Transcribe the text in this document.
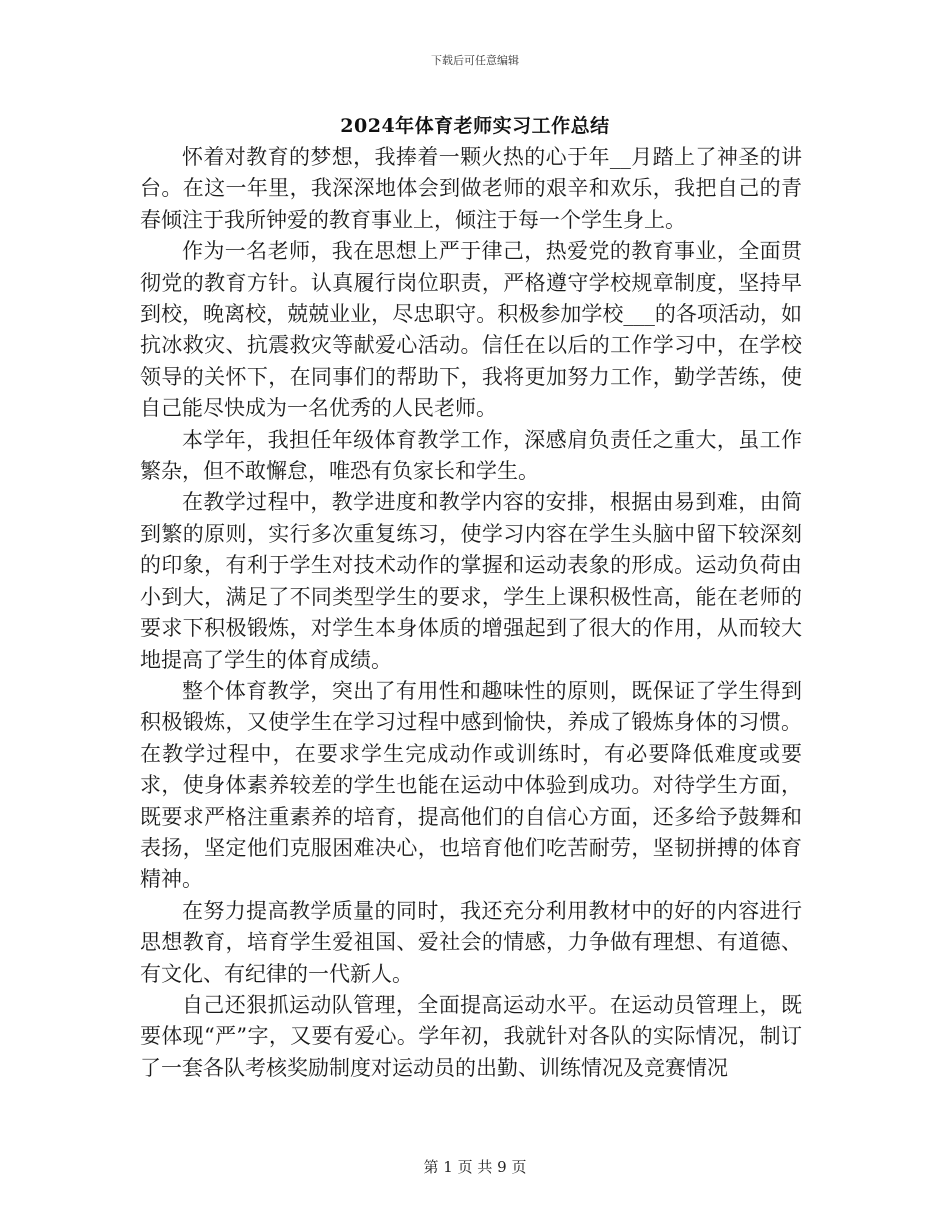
下载后可任意编辑
2024年体育老师实习工作总结

怀着对教育的梦想，我捧着一颗火热的心于年__月踏上了神圣的讲台。在这一年里，我深深地体会到做老师的艰辛和欢乐，我把自己的青春倾注于我所钟爱的教育事业上，倾注于每一个学生身上。

作为一名老师，我在思想上严于律己，热爱党的教育事业，全面贯彻党的教育方针。认真履行岗位职责，严格遵守学校规章制度，坚持早到校，晚离校，兢兢业业，尽忠职守。积极参加学校___的各项活动，如抗冰救灾、抗震救灾等献爱心活动。信任在以后的工作学习中，在学校领导的关怀下，在同事们的帮助下，我将更加努力工作，勤学苦练，使自己能尽快成为一名优秀的人民老师。

本学年，我担任年级体育教学工作，深感肩负责任之重大，虽工作繁杂，但不敢懈怠，唯恐有负家长和学生。

在教学过程中，教学进度和教学内容的安排，根据由易到难，由简到繁的原则，实行多次重复练习，使学习内容在学生头脑中留下较深刻的印象，有利于学生对技术动作的掌握和运动表象的形成。运动负荷由小到大，满足了不同类型学生的要求，学生上课积极性高，能在老师的要求下积极锻炼，对学生本身体质的增强起到了很大的作用，从而较大地提高了学生的体育成绩。

整个体育教学，突出了有用性和趣味性的原则，既保证了学生得到积极锻炼，又使学生在学习过程中感到愉快，养成了锻炼身体的习惯。在教学过程中，在要求学生完成动作或训练时，有必要降低难度或要求，使身体素养较差的学生也能在运动中体验到成功。对待学生方面，既要求严格注重素养的培育，提高他们的自信心方面，还多给予鼓舞和表扬，坚定他们克服困难决心，也培育他们吃苦耐劳，坚韧拼搏的体育精神。

在努力提高教学质量的同时，我还充分利用教材中的好的内容进行思想教育，培育学生爱祖国、爱社会的情感，力争做有理想、有道德、有文化、有纪律的一代新人。

自己还狠抓运动队管理，全面提高运动水平。在运动员管理上，既要体现“严”字，又要有爱心。学年初，我就针对各队的实际情况，制订了一套各队考核奖励制度对运动员的出勤、训练情况及竞赛情况

第 1 页 共 9 页
